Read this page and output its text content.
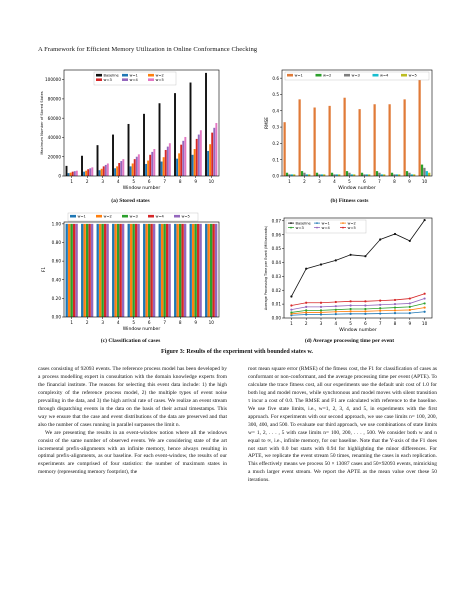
A Framework for Efficient Memory Utilization in Online Conformance Checking
0
20000
40000
60000
80000
100000
1	2	3	4	5	6	7	8	9	10
Window number
Maximum Number of Stored States
Baseline	w=1	w=2
w=3	w=4	w=5
(a) Stored states
0.0
0.1
0.2
0.3
0.4
0.5
0.6
1	2	3	4	5	6	7	8	9	10
Window number
RMSE
w=1	w=2	w=3	w=4	w=5
(b) Fitness costs
0.00
0.20
0.40
0.60
0.80
1.00
1	2	3	4	5	6	7	8	9	10
Window number
F1
w=1	w=2	w=3	w=4	w=5
(c) Classification of cases
0.00
0.01
0.02
0.03
0.04
0.05
0.06
0.07
1	2	3	4	5	6	7	8	9	10
Window number
Average Processing Time per Event (Milliseconds)
Baseline	w=1	w=2
w=3	w=4	w=5
(d) Average processing time per event
Figure 3: Results of the experiment with bounded states w.

cases consisting of 92093 events. The reference process model has been developed by a process modelling expert in consultation with the domain knowledge experts from the financial institute. The reasons for selecting this event data include: 1) the high complexity of the reference process model, 2) the multiple types of event noise prevailing in the data, and 3) the high arrival rate of cases. We realize an event stream through dispatching events in the data on the basis of their actual timestamps. This way we ensure that the case and event distributions of the data are preserved and that also the number of cases running in parallel surpasses the limit n.

We are presenting the results in an event-window notion where all the windows consist of the same number of observed events. We are considering state of the art incremental prefix-alignments with an infinite memory, hence always resulting in optimal prefix-alignments, as our baseline. For each event-window, the results of our experiments are comprised of four statistics: the number of maximum states in memory (representing memory footprint), the

root mean square error (RMSE) of the fitness cost, the F1 for classification of cases as conformant or non-conformant, and the average processing time per event (APTE). To calculate the trace fitness cost, all our experiments use the default unit cost of 1.0 for both log and model moves, while synchronous and model moves with silent transition τ incur a cost of 0.0. The RMSE and F1 are calculated with reference to the baseline. We use five state limits, i.e., w=1, 2, 3, 4, and 5, in experiments with the first approach. For experiments with our second approach, we use case limits n= 100, 200, 300, 400, and 500. To evaluate our third approach, we use combinations of state limits w= 1, 2, . . . , 5 with case limits n= 100, 200, . . . , 500. We consider both w and n equal to ∞, i.e., infinite memory, for our baseline. Note that the Y-axis of the F1 does not start with 0.0 but starts with 0.94 for highlighting the minor differences. For APTE, we replicate the event stream 50 times, renaming the cases in each replication. This effectively means we process 50 × 13087 cases and 50×92093 events, mimicking a much larger event stream. We report the APTE as the mean value over these 50 iterations.
